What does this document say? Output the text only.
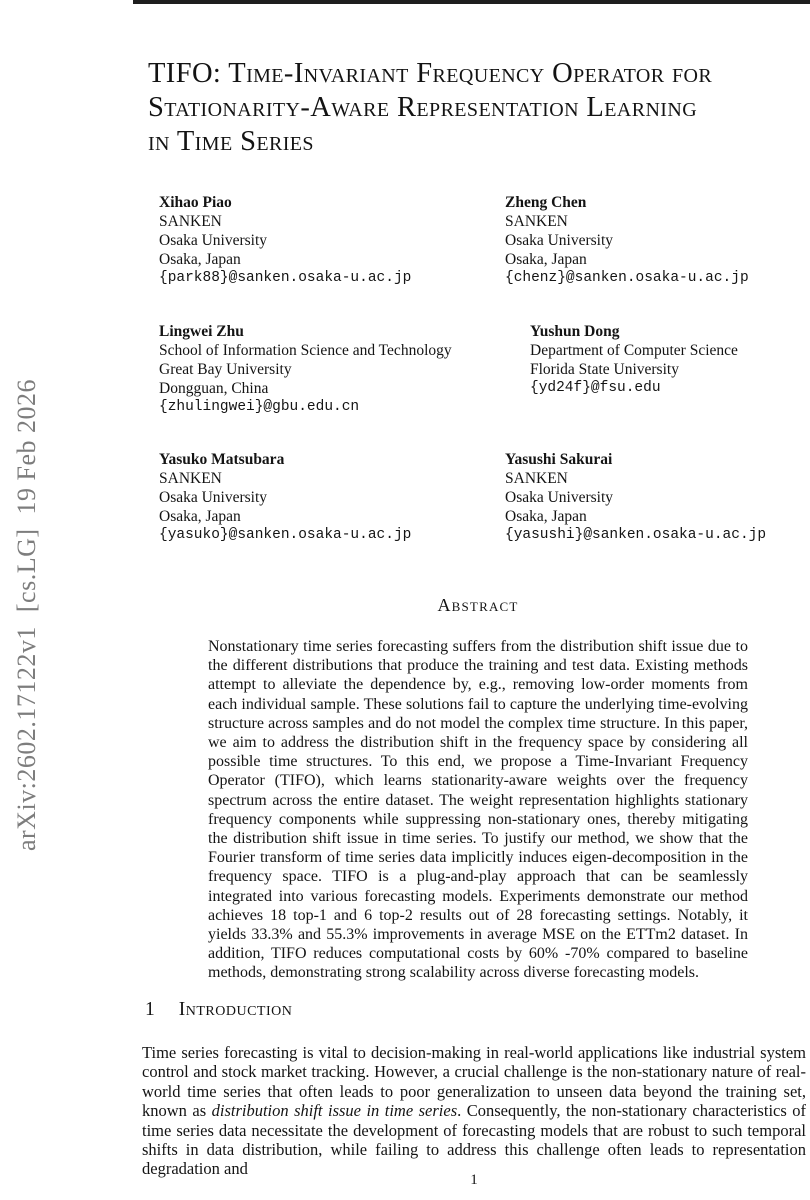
arXiv:2602.17122v1  [cs.LG]  19 Feb 2026
TIFO: Time-Invariant Frequency Operator for
Stationarity-Aware Representation Learning
in Time Series
Xihao Piao
SANKEN
Osaka University
Osaka, Japan
{park88}@sanken.osaka-u.ac.jp
Zheng Chen
SANKEN
Osaka University
Osaka, Japan
{chenz}@sanken.osaka-u.ac.jp
Lingwei Zhu
School of Information Science and Technology
Great Bay University
Dongguan, China
{zhulingwei}@gbu.edu.cn
Yushun Dong
Department of Computer Science
Florida State University
{yd24f}@fsu.edu
Yasuko Matsubara
SANKEN
Osaka University
Osaka, Japan
{yasuko}@sanken.osaka-u.ac.jp
Yasushi Sakurai
SANKEN
Osaka University
Osaka, Japan
{yasushi}@sanken.osaka-u.ac.jp
Abstract
Nonstationary time series forecasting suffers from the distribution shift issue due to the different distributions that produce the training and test data. Existing methods attempt to alleviate the dependence by, e.g., removing low-order moments from each individual sample. These solutions fail to capture the underlying time-evolving structure across samples and do not model the complex time structure. In this paper, we aim to address the distribution shift in the frequency space by considering all possible time structures. To this end, we propose a Time-Invariant Frequency Operator (TIFO), which learns stationarity-aware weights over the frequency spectrum across the entire dataset. The weight representation highlights stationary frequency components while suppressing non-stationary ones, thereby mitigating the distribution shift issue in time series. To justify our method, we show that the Fourier transform of time series data implicitly induces eigen-decomposition in the frequency space. TIFO is a plug-and-play approach that can be seamlessly integrated into various forecasting models. Experiments demonstrate our method achieves 18 top-1 and 6 top-2 results out of 28 forecasting settings. Notably, it yields 33.3% and 55.3% improvements in average MSE on the ETTm2 dataset. In addition, TIFO reduces computational costs by 60% -70% compared to baseline methods, demonstrating strong scalability across diverse forecasting models.
1 Introduction
Time series forecasting is vital to decision-making in real-world applications like industrial system control and stock market tracking. However, a crucial challenge is the non-stationary nature of real-world time series that often leads to poor generalization to unseen data beyond the training set, known as distribution shift issue in time series. Consequently, the non-stationary characteristics of time series data necessitate the development of forecasting models that are robust to such temporal shifts in data distribution, while failing to address this challenge often leads to representation degradation and
1
